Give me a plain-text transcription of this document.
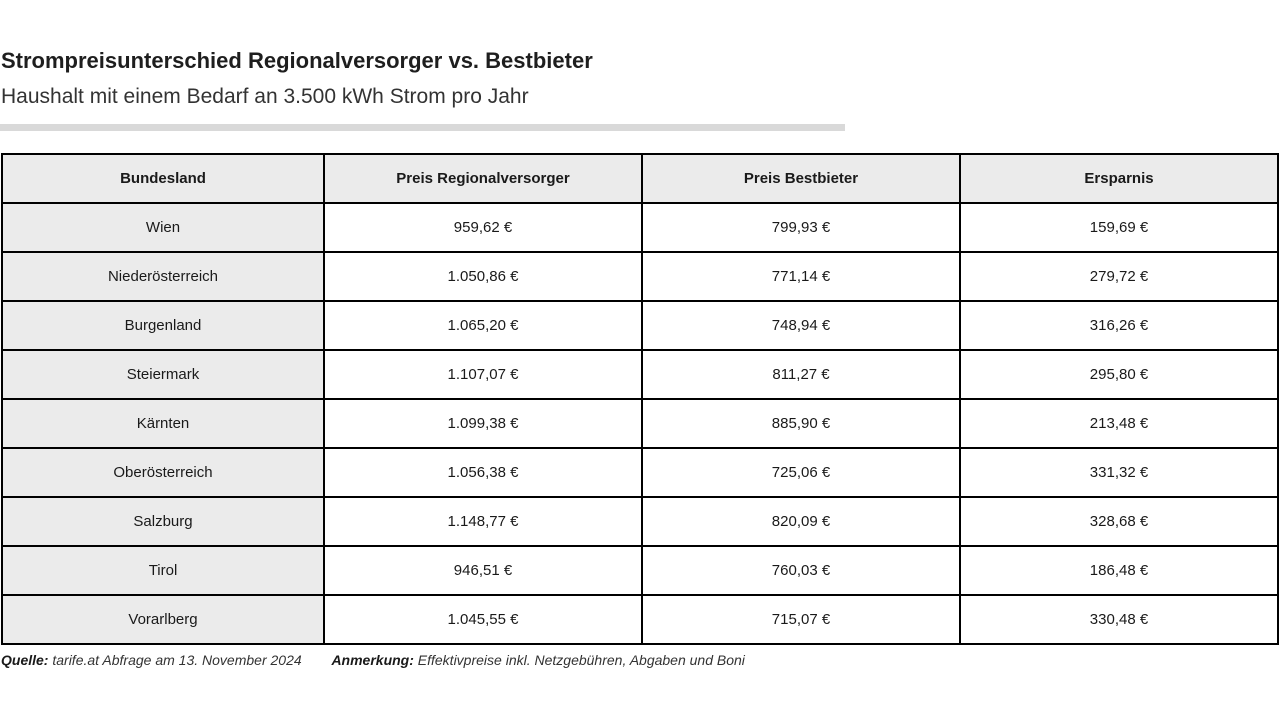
Strompreisunterschied Regionalversorger vs. Bestbieter
Haushalt mit einem Bedarf an 3.500 kWh Strom pro Jahr
Bundesland	Preis Regionalversorger	Preis Bestbieter	Ersparnis
Wien	959,62 €	799,93 €	159,69 €
Niederösterreich	1.050,86 €	771,14 €	279,72 €
Burgenland	1.065,20 €	748,94 €	316,26 €
Steiermark	1.107,07 €	811,27 €	295,80 €
Kärnten	1.099,38 €	885,90 €	213,48 €
Oberösterreich	1.056,38 €	725,06 €	331,32 €
Salzburg	1.148,77 €	820,09 €	328,68 €
Tirol	946,51 €	760,03 €	186,48 €
Vorarlberg	1.045,55 €	715,07 €	330,48 €
Quelle: tarife.at Abfrage am 13. November 2024 Anmerkung: Effektivpreise inkl. Netzgebühren, Abgaben und Boni
